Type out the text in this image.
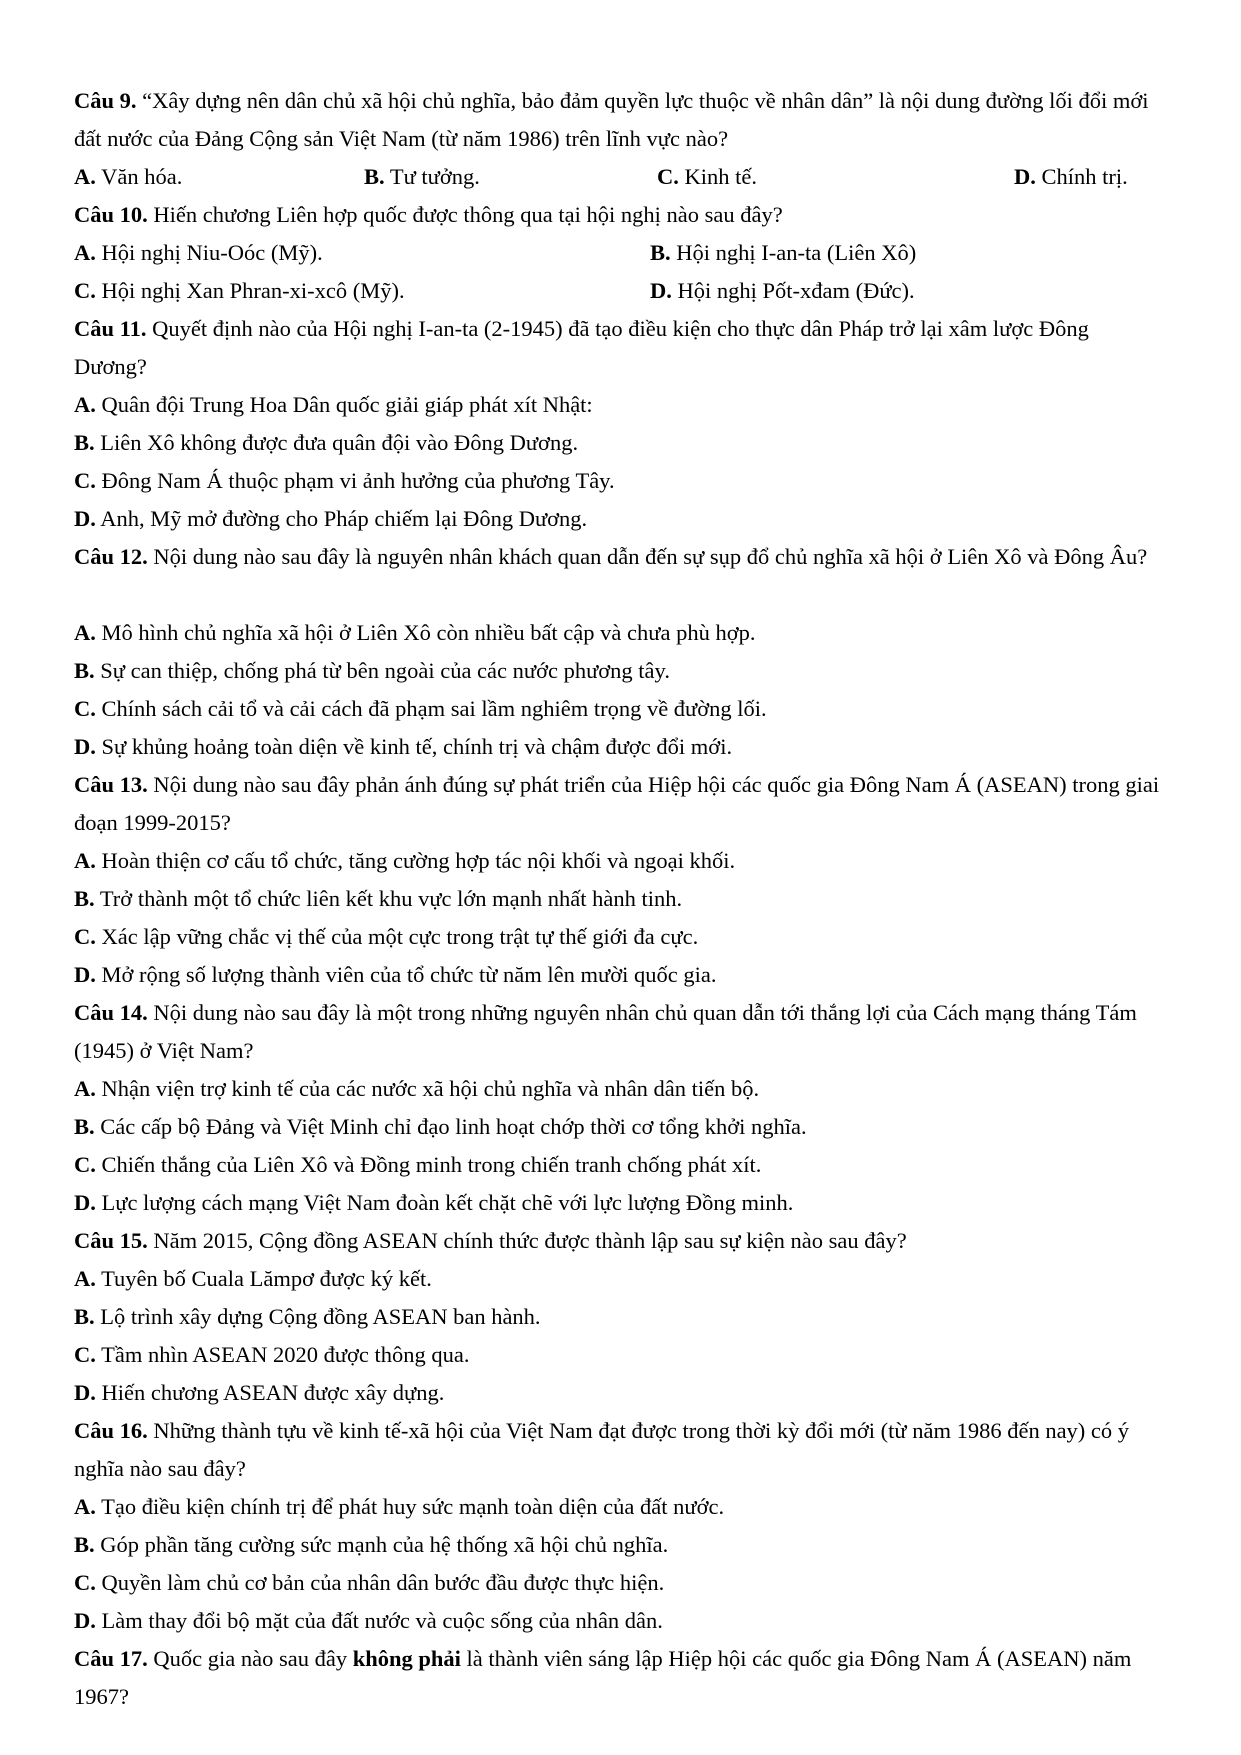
Câu 9. “Xây dựng nên dân chủ xã hội chủ nghĩa, bảo đảm quyền lực thuộc về nhân dân” là nội dung đường lối đổi mới đất nước của Đảng Cộng sản Việt Nam (từ năm 1986) trên lĩnh vực nào?
A. Văn hóa.	B. Tư tưởng.	C. Kinh tế.	D. Chính trị.
Câu 10. Hiến chương Liên hợp quốc được thông qua tại hội nghị nào sau đây?
A. Hội nghị Niu-Oóc (Mỹ).	B. Hội nghị I-an-ta (Liên Xô)
C. Hội nghị Xan Phran-xi-xcô (Mỹ).	D. Hội nghị Pốt-xđam (Đức).
Câu 11. Quyết định nào của Hội nghị I-an-ta (2-1945) đã tạo điều kiện cho thực dân Pháp trở lại xâm lược Đông Dương?
A. Quân đội Trung Hoa Dân quốc giải giáp phát xít Nhật:
B. Liên Xô không được đưa quân đội vào Đông Dương.
C. Đông Nam Á thuộc phạm vi ảnh hưởng của phương Tây.
D. Anh, Mỹ mở đường cho Pháp chiếm lại Đông Dương.
Câu 12. Nội dung nào sau đây là nguyên nhân khách quan dẫn đến sự sụp đổ chủ nghĩa xã hội ở Liên Xô và Đông Âu?
A. Mô hình chủ nghĩa xã hội ở Liên Xô còn nhiều bất cập và chưa phù hợp.
B. Sự can thiệp, chống phá từ bên ngoài của các nước phương tây.
C. Chính sách cải tổ và cải cách đã phạm sai lầm nghiêm trọng về đường lối.
D. Sự khủng hoảng toàn diện về kinh tế, chính trị và chậm được đổi mới.
Câu 13. Nội dung nào sau đây phản ánh đúng sự phát triển của Hiệp hội các quốc gia Đông Nam Á (ASEAN) trong giai đoạn 1999-2015?
A. Hoàn thiện cơ cấu tổ chức, tăng cường hợp tác nội khối và ngoại khối.
B. Trở thành một tổ chức liên kết khu vực lớn mạnh nhất hành tinh.
C. Xác lập vững chắc vị thế của một cực trong trật tự thế giới đa cực.
D. Mở rộng số lượng thành viên của tổ chức từ năm lên mười quốc gia.
Câu 14. Nội dung nào sau đây là một trong những nguyên nhân chủ quan dẫn tới thắng lợi của Cách mạng tháng Tám (1945) ở Việt Nam?
A. Nhận viện trợ kinh tế của các nước xã hội chủ nghĩa và nhân dân tiến bộ.
B. Các cấp bộ Đảng và Việt Minh chỉ đạo linh hoạt chớp thời cơ tổng khởi nghĩa.
C. Chiến thắng của Liên Xô và Đồng minh trong chiến tranh chống phát xít.
D. Lực lượng cách mạng Việt Nam đoàn kết chặt chẽ với lực lượng Đồng minh.
Câu 15. Năm 2015, Cộng đồng ASEAN chính thức được thành lập sau sự kiện nào sau đây?
A. Tuyên bố Cuala Lămpơ được ký kết.
B. Lộ trình xây dựng Cộng đồng ASEAN ban hành.
C. Tầm nhìn ASEAN 2020 được thông qua.
D. Hiến chương ASEAN được xây dựng.
Câu 16. Những thành tựu về kinh tế-xã hội của Việt Nam đạt được trong thời kỳ đổi mới (từ năm 1986 đến nay) có ý nghĩa nào sau đây?
A. Tạo điều kiện chính trị để phát huy sức mạnh toàn diện của đất nước.
B. Góp phần tăng cường sức mạnh của hệ thống xã hội chủ nghĩa.
C. Quyền làm chủ cơ bản của nhân dân bước đầu được thực hiện.
D. Làm thay đổi bộ mặt của đất nước và cuộc sống của nhân dân.
Câu 17. Quốc gia nào sau đây không phải là thành viên sáng lập Hiệp hội các quốc gia Đông Nam Á (ASEAN) năm 1967?
